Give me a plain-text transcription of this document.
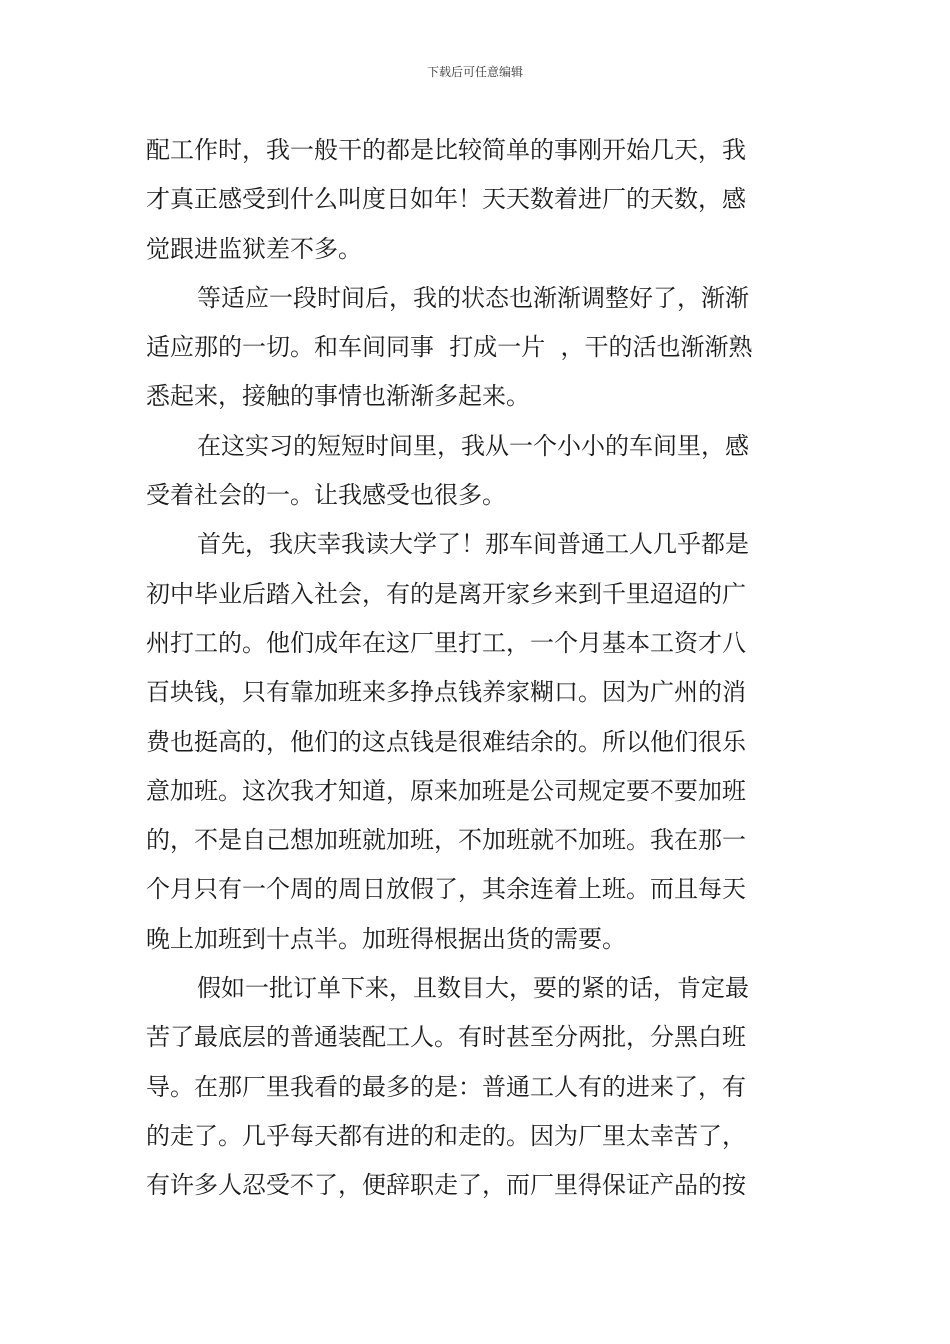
下载后可任意编辑
配工作时，我一般干的都是比较简单的事刚开始几天，我
才真正感受到什么叫度日如年！天天数着进厂的天数，感
觉跟进监狱差不多。
等适应一段时间后，我的状态也渐渐调整好了，渐渐
适应那的一切。和车间同事  打成一片  ，干的活也渐渐熟
悉起来，接触的事情也渐渐多起来。
在这实习的短短时间里，我从一个小小的车间里，感
受着社会的一。让我感受也很多。
首先，我庆幸我读大学了！那车间普通工人几乎都是
初中毕业后踏入社会，有的是离开家乡来到千里迢迢的广
州打工的。他们成年在这厂里打工，一个月基本工资才八
百块钱，只有靠加班来多挣点钱养家糊口。因为广州的消
费也挺高的，他们的这点钱是很难结余的。所以他们很乐
意加班。这次我才知道，原来加班是公司规定要不要加班
的，不是自己想加班就加班，不加班就不加班。我在那一
个月只有一个周的周日放假了，其余连着上班。而且每天
晚上加班到十点半。加班得根据出货的需要。
假如一批订单下来，且数目大，要的紧的话，肯定最
苦了最底层的普通装配工人。有时甚至分两批，分黑白班
导。在那厂里我看的最多的是：普通工人有的进来了，有
的走了。几乎每天都有进的和走的。因为厂里太幸苦了，
有许多人忍受不了，便辞职走了，而厂里得保证产品的按
